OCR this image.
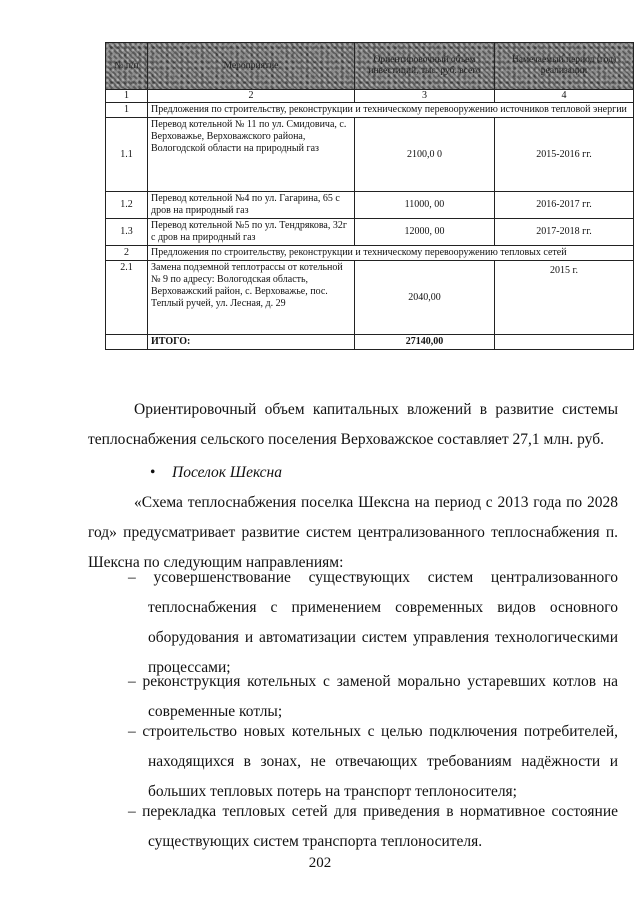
№ п/п	Мероприятие	Ориентировочный объем инвестиций, тыс. руб. всего	Намечаемый период (год) реализации
1	2	3	4
1	Предложения по строительству, реконструкции и техническому перевооружению источников тепловой энергии		
1.1	Перевод котельной № 11 по ул. Смидовича, с. Верховажье, Верховажского района, Вологодской области на природный газ	2100,0 0	2015-2016 гг.
1.2	Перевод котельной №4 по ул. Гагарина, 65 с дров на природный газ	11000, 00	2016-2017 гг.
1.3	Перевод котельной №5 по ул. Тендрякова, 32г с дров на природный газ	12000, 00	2017-2018 гг.
2	Предложения по строительству, реконструкции и техническому перевооружению тепловых сетей		
2.1	Замена подземной теплотрассы от котельной № 9 по адресу: Вологодская область, Верховажский район, с. Верховажье, пос. Теплый ручей, ул. Лесная, д. 29	2040,00	2015 г.
	ИТОГО:	27140,00	

Ориентировочный объем капитальных вложений в развитие системы теплоснабжения сельского поселения Верховажское составляет 27,1 млн. руб.

• Поселок Шексна

«Схема теплоснабжения поселка Шексна на период с 2013 года по 2028 год» предусматривает развитие систем централизованного теплоснабжения п. Шексна по следующим направлениям:

– усовершенствование существующих систем централизованного теплоснабжения с применением современных видов основного оборудования и автоматизации систем управления технологическими процессами;

– реконструкция котельных с заменой морально устаревших котлов на современные котлы;

– строительство новых котельных с целью подключения потребителей, находящихся в зонах, не отвечающих требованиям надёжности и больших тепловых потерь на транспорт теплоносителя;

– перекладка тепловых сетей для приведения в нормативное состояние существующих систем транспорта теплоносителя.

202
